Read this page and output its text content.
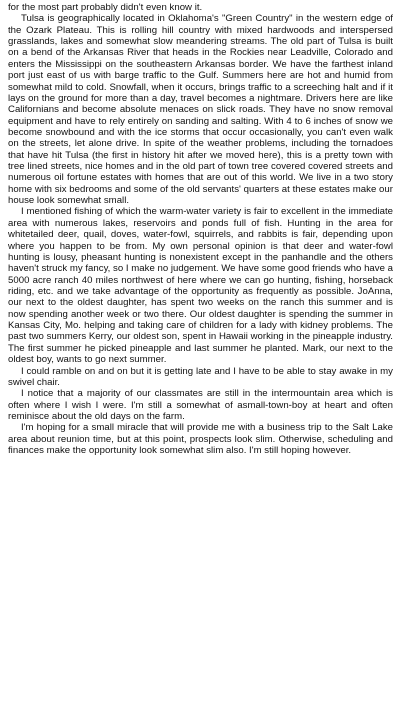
for the most part probably didn't even know it.

Tulsa is geographically located in Oklahoma's "Green Country" in the western edge of the Ozark Plateau. This is rolling hill country with mixed hardwoods and interspersed grasslands, lakes and somewhat slow meandering streams. The old part of Tulsa is built on a bend of the Arkansas River that heads in the Rockies near Leadville, Colorado and enters the Mississippi on the southeastern Arkansas border. We have the farthest inland port just east of us with barge traffic to the Gulf. Summers here are hot and humid from somewhat mild to cold. Snowfall, when it occurs, brings traffic to a screeching halt and if it lays on the ground for more than a day, travel becomes a nightmare. Drivers here are like Californians and become absolute menaces on slick roads. They have no snow removal equipment and have to rely entirely on sanding and salting. With 4 to 6 inches of snow we become snowbound and with the ice storms that occur occasionally, you can't even walk on the streets, let alone drive. In spite of the weather problems, including the tornadoes that have hit Tulsa (the first in history hit after we moved here), this is a pretty town with tree lined streets, nice homes and in the old part of town tree covered covered streets and numerous oil fortune estates with homes that are out of this world. We live in a two story home with six bedrooms and some of the old servants' quarters at these estates make our house look somewhat small.

I mentioned fishing of which the warm-water variety is fair to excellent in the immediate area with numerous lakes, reservoirs and ponds full of fish. Hunting in the area for whitetailed deer, quail, doves, water-fowl, squirrels, and rabbits is fair, depending upon where you happen to be from. My own personal opinion is that deer and water-fowl hunting is lousy, pheasant hunting is nonexistent except in the panhandle and the others haven't struck my fancy, so I make no judgement. We have some good friends who have a 5000 acre ranch 40 miles northwest of here where we can go hunting, fishing, horseback riding, etc. and we take advantage of the opportunity as frequently as possible. JoAnna, our next to the oldest daughter, has spent two weeks on the ranch this summer and is now spending another week or two there. Our oldest daughter is spending the summer in Kansas City, Mo. helping and taking care of children for a lady with kidney problems. The past two summers Kerry, our oldest son, spent in Hawaii working in the pineapple industry. The first summer he picked pineapple and last summer he planted. Mark, our next to the oldest boy, wants to go next summer.

I could ramble on and on but it is getting late and I have to be able to stay awake in my swivel chair.

I notice that a majority of our classmates are still in the intermountain area which is often where I wish I were. I'm still a somewhat of asmall-town-boy at heart and often reminisce about the old days on the farm.

I'm hoping for a small miracle that will provide me with a business trip to the Salt Lake area about reunion time, but at this point, prospects look slim. Otherwise, scheduling and finances make the opportunity look somewhat slim also. I'm still hoping however.
